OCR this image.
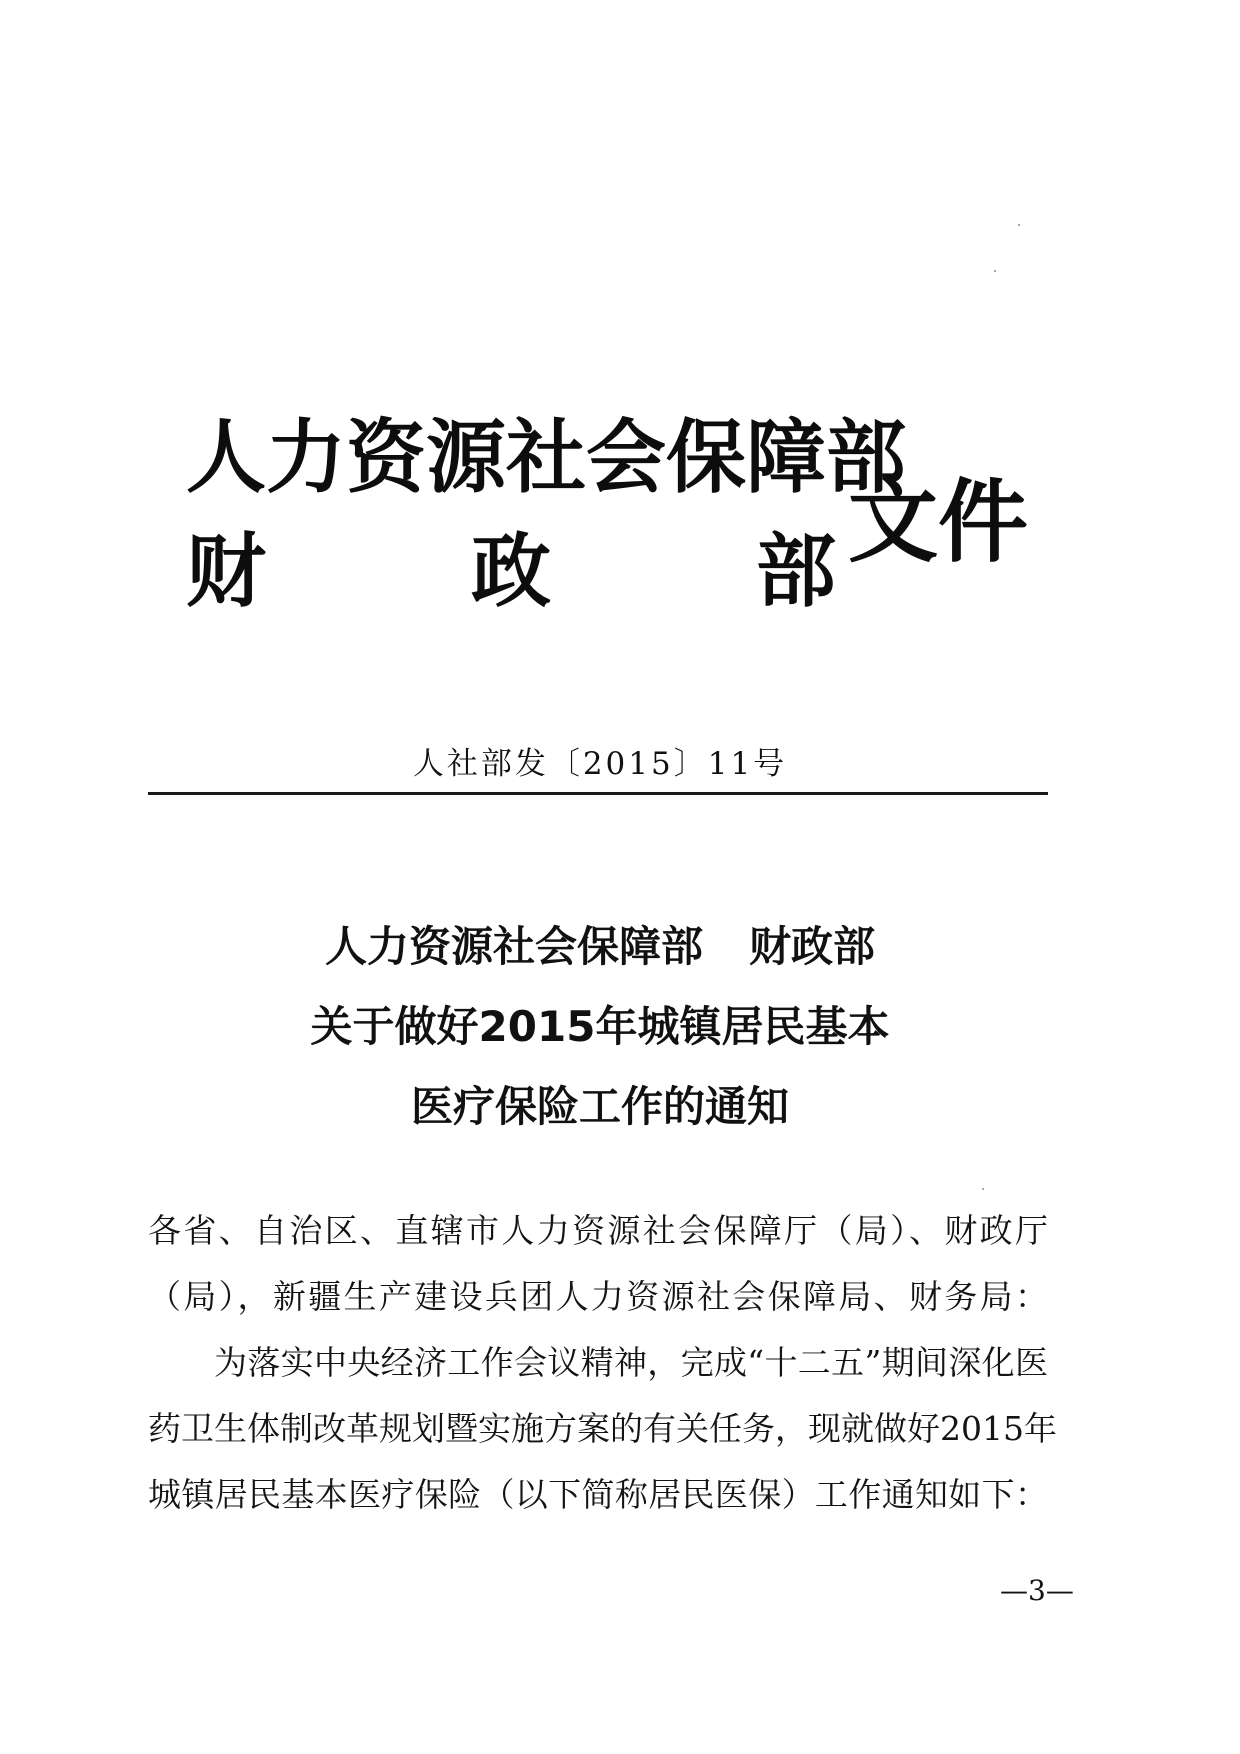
人力资源社会保障部
财	政	部 文件
人社部发〔2015〕11号
人力资源社会保障部 财政部
关于做好2015年城镇居民基本
医疗保险工作的通知
各省、自治区、直辖市人力资源社会保障厅（局）、财政厅
（局），新疆生产建设兵团人力资源社会保障局、财务局：
为落实中央经济工作会议精神，完成“十二五”期间深化医
药卫生体制改革规划暨实施方案的有关任务，现就做好2015年
城镇居民基本医疗保险（以下简称居民医保）工作通知如下：
—3—
